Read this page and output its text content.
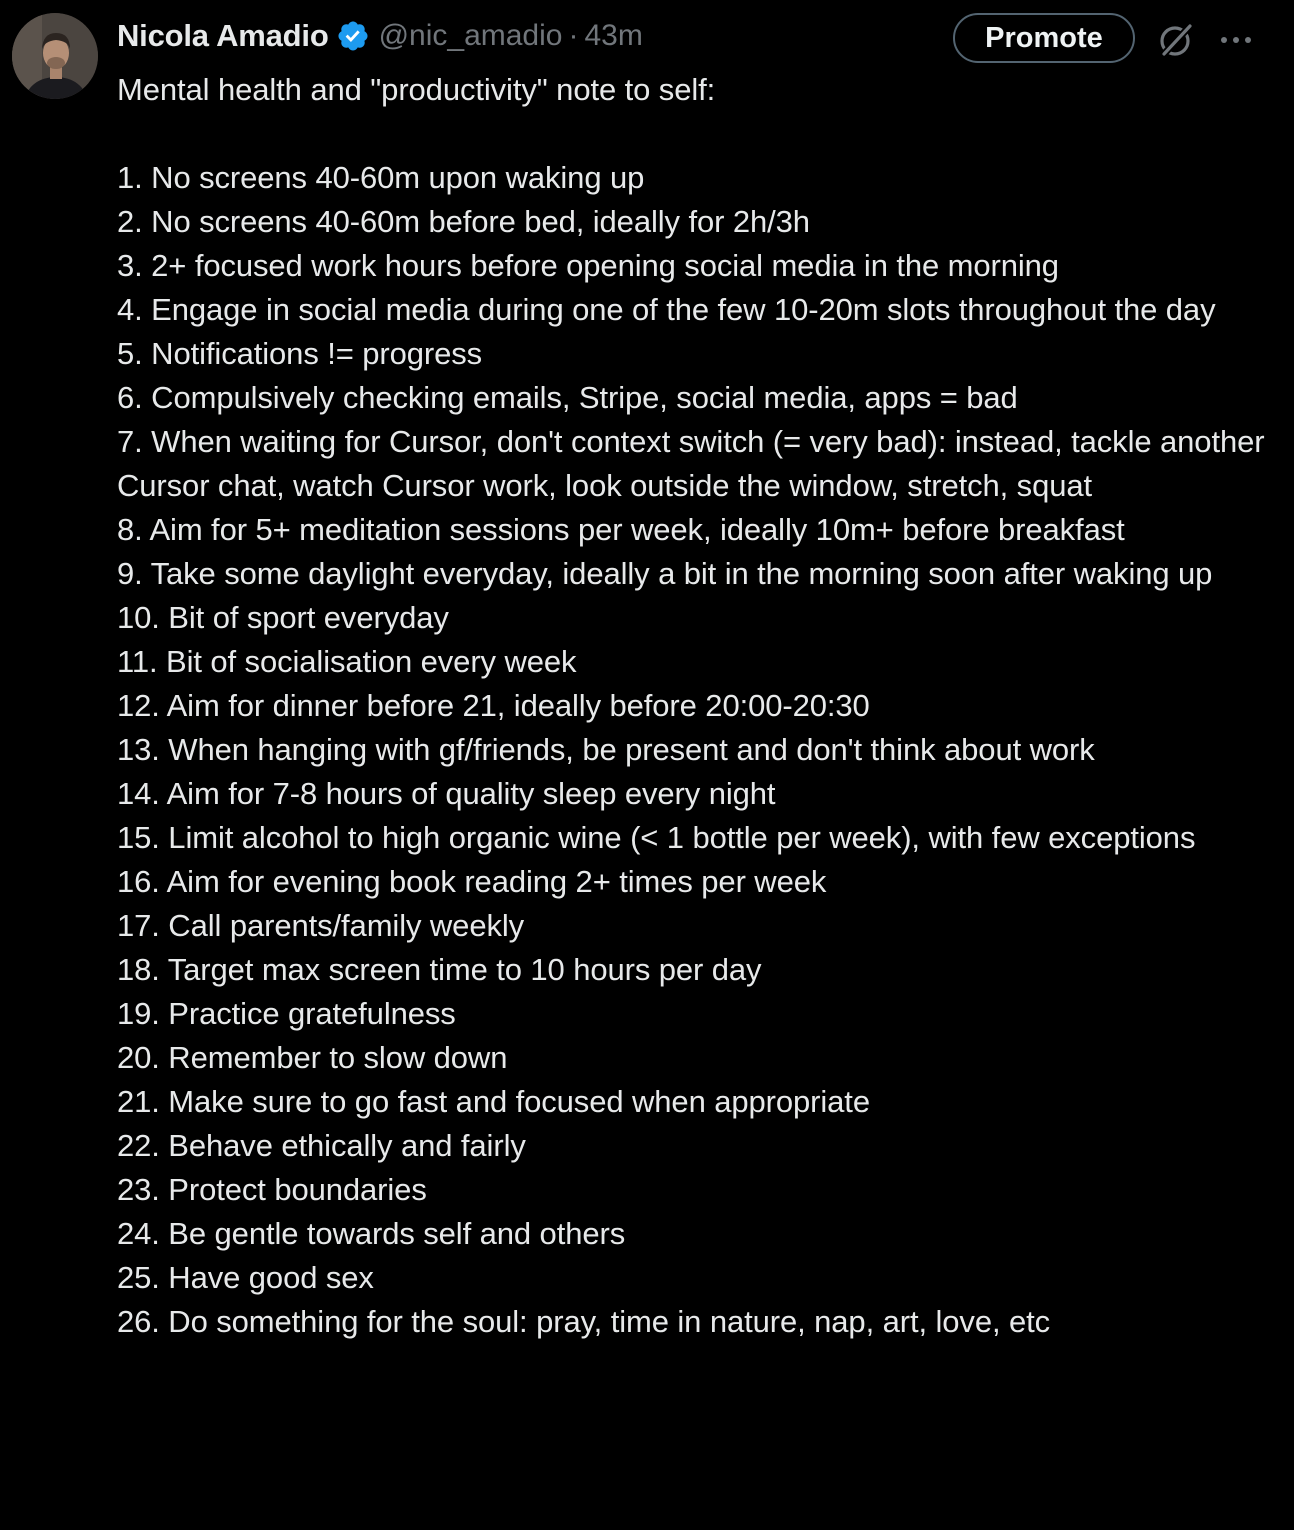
Nicola Amadio @nic_amadio · 43m	Promote

Mental health and "productivity" note to self:

1. No screens 40-60m upon waking up

2. No screens 40-60m before bed, ideally for 2h/3h

3. 2+ focused work hours before opening social media in the morning

4. Engage in social media during one of the few 10-20m slots throughout the day

5. Notifications != progress

6. Compulsively checking emails, Stripe, social media, apps = bad

7. When waiting for Cursor, don't context switch (= very bad): instead, tackle another Cursor chat, watch Cursor work, look outside the window, stretch, squat

8. Aim for 5+ meditation sessions per week, ideally 10m+ before breakfast

9. Take some daylight everyday, ideally a bit in the morning soon after waking up

10. Bit of sport everyday

11. Bit of socialisation every week

12. Aim for dinner before 21, ideally before 20:00-20:30

13. When hanging with gf/friends, be present and don't think about work

14. Aim for 7-8 hours of quality sleep every night

15. Limit alcohol to high organic wine (< 1 bottle per week), with few exceptions

16. Aim for evening book reading 2+ times per week

17. Call parents/family weekly

18. Target max screen time to 10 hours per day

19. Practice gratefulness

20. Remember to slow down

21. Make sure to go fast and focused when appropriate

22. Behave ethically and fairly

23. Protect boundaries

24. Be gentle towards self and others

25. Have good sex

26. Do something for the soul: pray, time in nature, nap, art, love, etc
